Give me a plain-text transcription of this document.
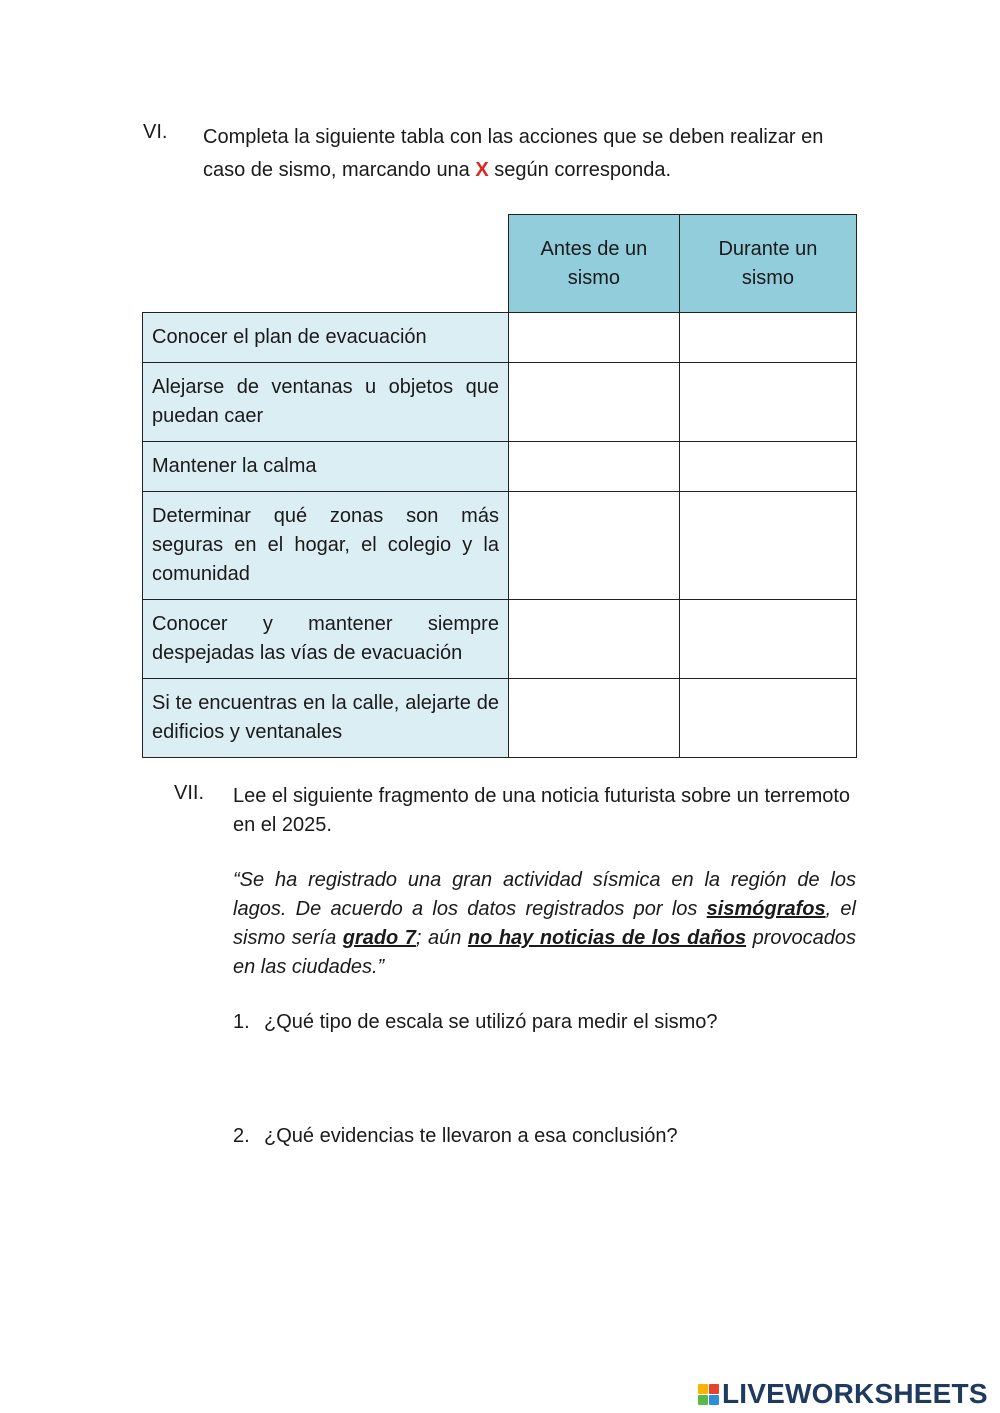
VI. Completa la siguiente tabla con las acciones que se deben realizar en caso de sismo, marcando una X según corresponda.
	Antes de un sismo	Durante un sismo
Conocer el plan de evacuación		
Alejarse de ventanas u objetos que puedan caer		
Mantener la calma		
Determinar qué zonas son más seguras en el hogar, el colegio y la comunidad		
Conocer y mantener siempre despejadas las vías de evacuación		
Si te encuentras en la calle, alejarte de edificios y ventanales		
VII. Lee el siguiente fragmento de una noticia futurista sobre un terremoto en el 2025.
“Se ha registrado una gran actividad sísmica en la región de los lagos. De acuerdo a los datos registrados por los sismógrafos, el sismo sería grado 7; aún no hay noticias de los daños provocados en las ciudades.”
1. ¿Qué tipo de escala se utilizó para medir el sismo?
2. ¿Qué evidencias te llevaron a esa conclusión?
LIVEWORKSHEETS
